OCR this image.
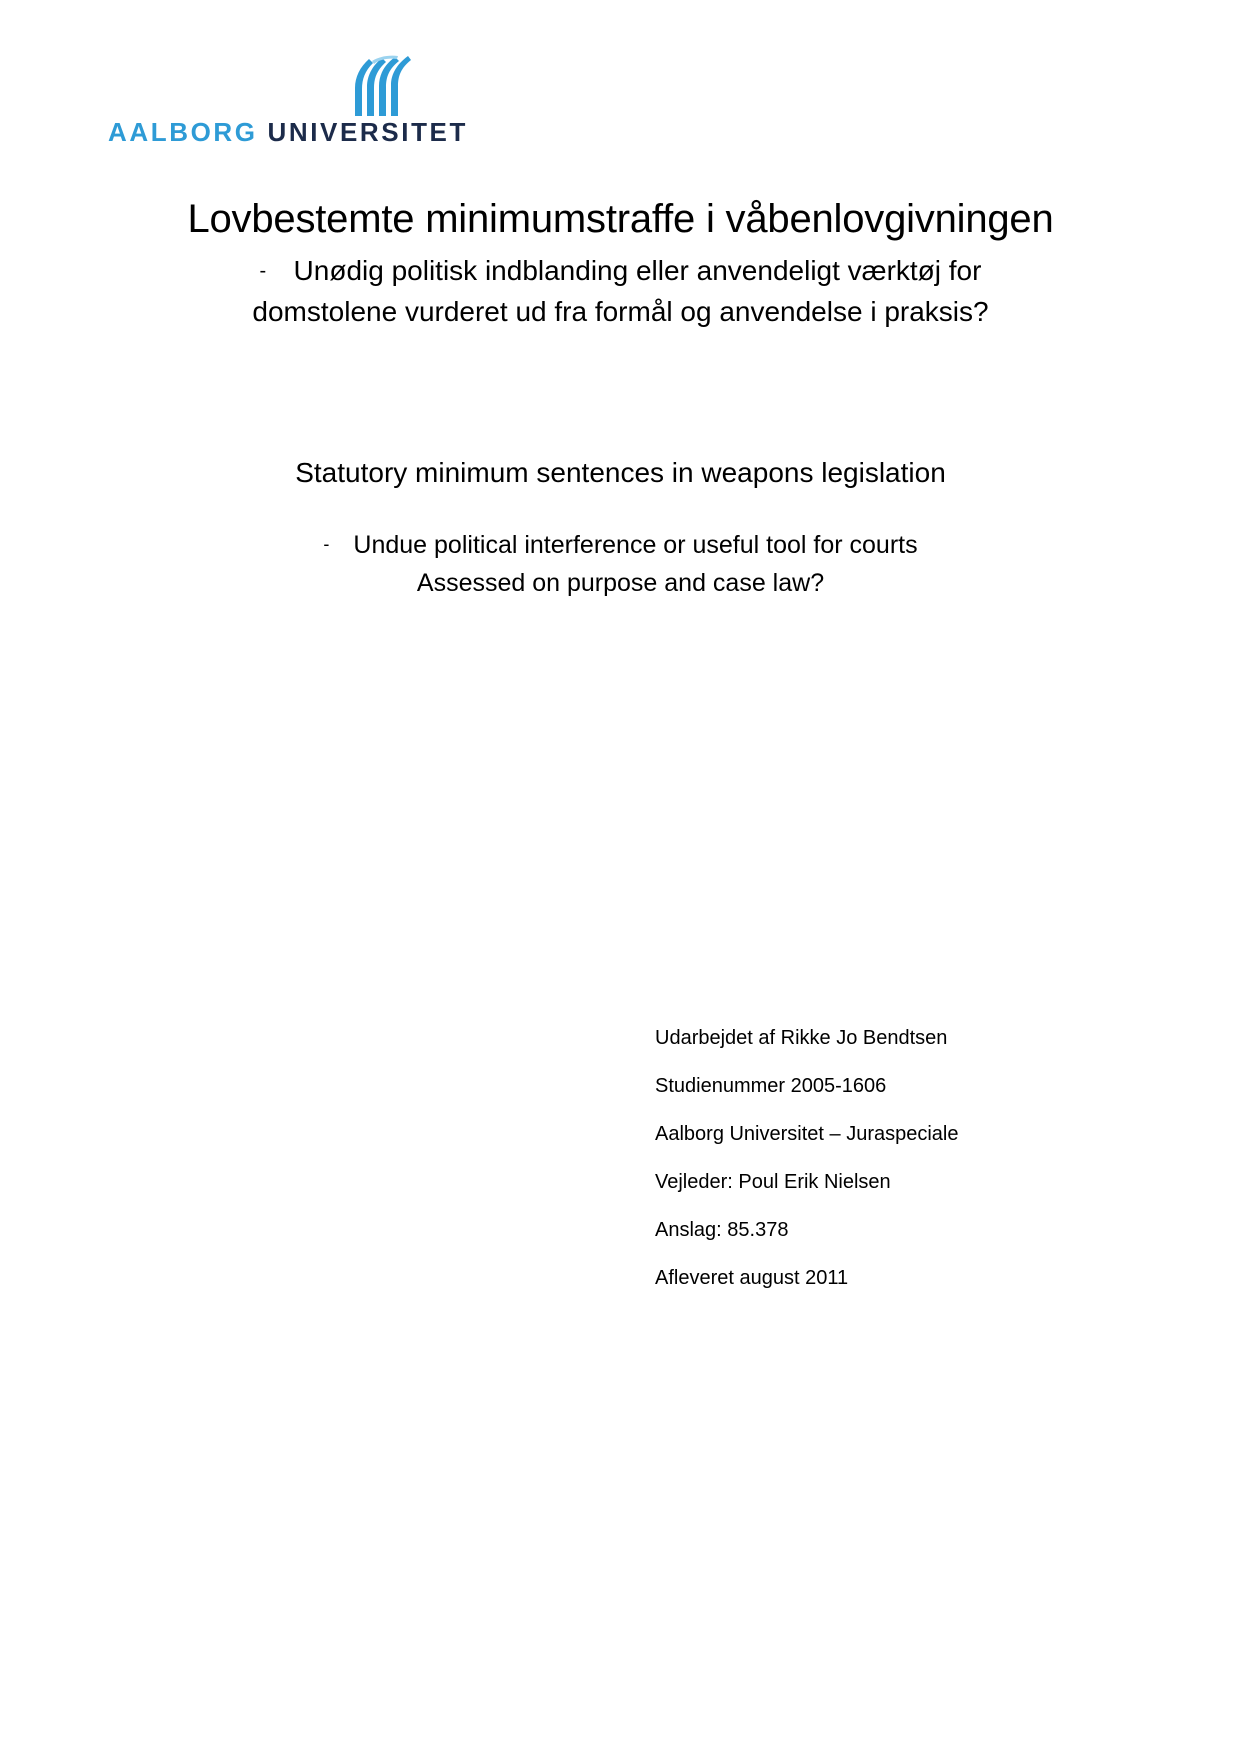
AALBORG UNIVERSITET
Lovbestemte minimumstraffe i våbenlovgivningen

- Unødig politisk indblanding eller anvendeligt værktøj for

domstolene vurderet ud fra formål og anvendelse i praksis?

Statutory minimum sentences in weapons legislation

- Undue political interference or useful tool for courts

Assessed on purpose and case law?

Udarbejdet af Rikke Jo Bendtsen

Studienummer 2005-1606

Aalborg Universitet – Juraspeciale

Vejleder: Poul Erik Nielsen

Anslag: 85.378

Afleveret august 2011
